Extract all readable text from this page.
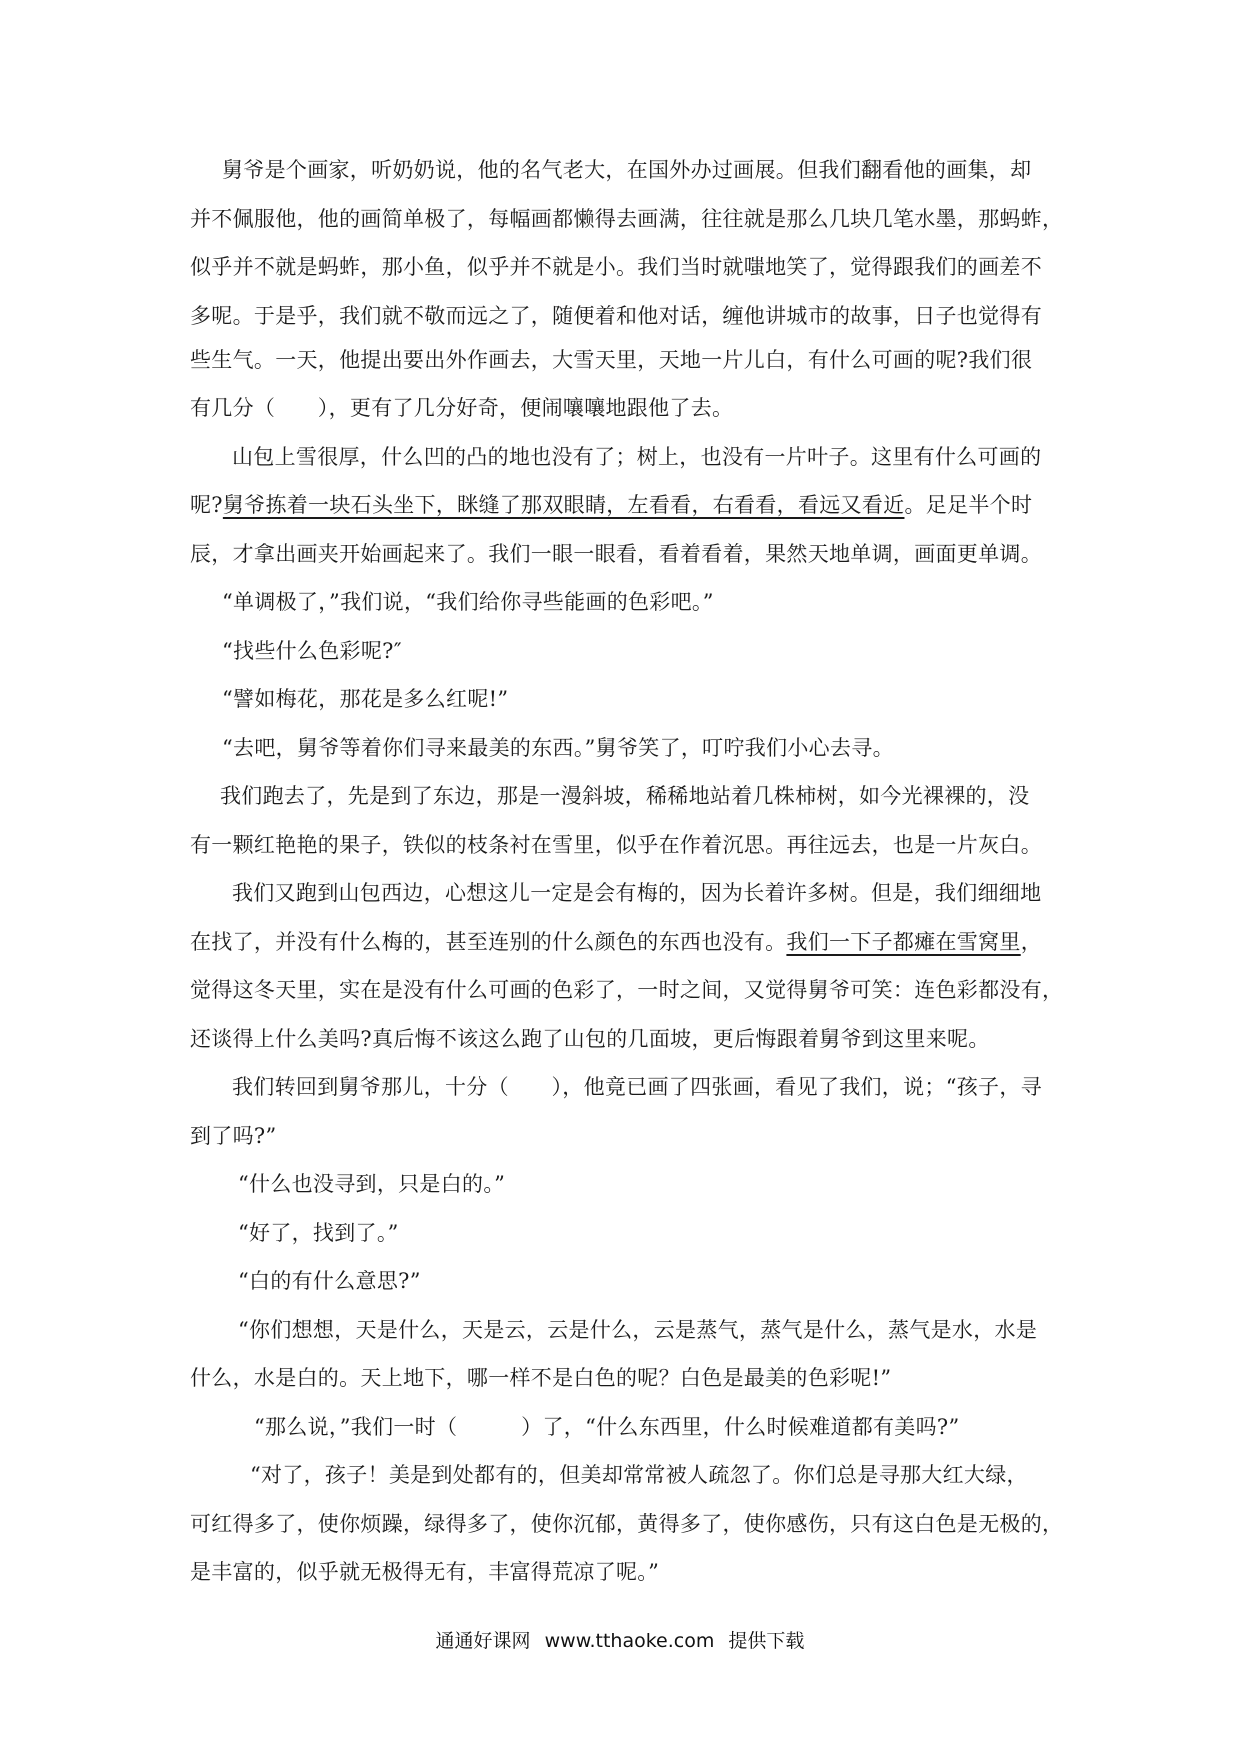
舅爷是个画家，听奶奶说，他的名气老大，在国外办过画展。但我们翻看他的画集，却
并不佩服他，他的画简单极了，每幅画都懒得去画满，往往就是那么几块几笔水墨，那蚂蚱，
似乎并不就是蚂蚱，那小鱼，似乎并不就是小。我们当时就嗤地笑了，觉得跟我们的画差不
多呢。于是乎，我们就不敬而远之了，随便着和他对话，缠他讲城市的故事，日子也觉得有
些生气。一天，他提出要出外作画去，大雪天里，天地一片儿白，有什么可画的呢?我们很
有几分（　　），更有了几分好奇，便闹嚷嚷地跟他了去。
山包上雪很厚，什么凹的凸的地也没有了；树上，也没有一片叶子。这里有什么可画的
呢?舅爷拣着一块石头坐下，眯缝了那双眼睛，左看看，右看看，看远又看近。足足半个时
辰，才拿出画夹开始画起来了。我们一眼一眼看，看着看着，果然天地单调，画面更单调。
“单调极了，”我们说，“我们给你寻些能画的色彩吧。”
“找些什么色彩呢?″
“譬如梅花，那花是多么红呢!”
“去吧，舅爷等着你们寻来最美的东西。”舅爷笑了，叮咛我们小心去寻。
我们跑去了，先是到了东边，那是一漫斜坡，稀稀地站着几株柿树，如今光裸裸的，没
有一颗红艳艳的果子，铁似的枝条衬在雪里，似乎在作着沉思。再往远去，也是一片灰白。
我们又跑到山包西边，心想这儿一定是会有梅的，因为长着许多树。但是，我们细细地
在找了，并没有什么梅的，甚至连别的什么颜色的东西也没有。我们一下子都瘫在雪窝里，
觉得这冬天里，实在是没有什么可画的色彩了，一时之间，又觉得舅爷可笑：连色彩都没有，
还谈得上什么美吗?真后悔不该这么跑了山包的几面坡，更后悔跟着舅爷到这里来呢。
我们转回到舅爷那儿，十分（　　），他竟已画了四张画，看见了我们，说；“孩子，寻
到了吗?”
“什么也没寻到，只是白的。”
“好了，找到了。”
“白的有什么意思?”
“你们想想，天是什么，天是云，云是什么，云是蒸气，蒸气是什么，蒸气是水，水是
什么，水是白的。天上地下，哪一样不是白色的呢？白色是最美的色彩呢!”
“那么说，”我们一时（　　　）了，“什么东西里，什么时候难道都有美吗?”
“对了，孩子！美是到处都有的，但美却常常被人疏忽了。你们总是寻那大红大绿，
可红得多了，使你烦躁，绿得多了，使你沉郁，黄得多了，使你感伤，只有这白色是无极的，
是丰富的，似乎就无极得无有，丰富得荒凉了呢。”
通通好课网 www.tthaoke.com 提供下载
